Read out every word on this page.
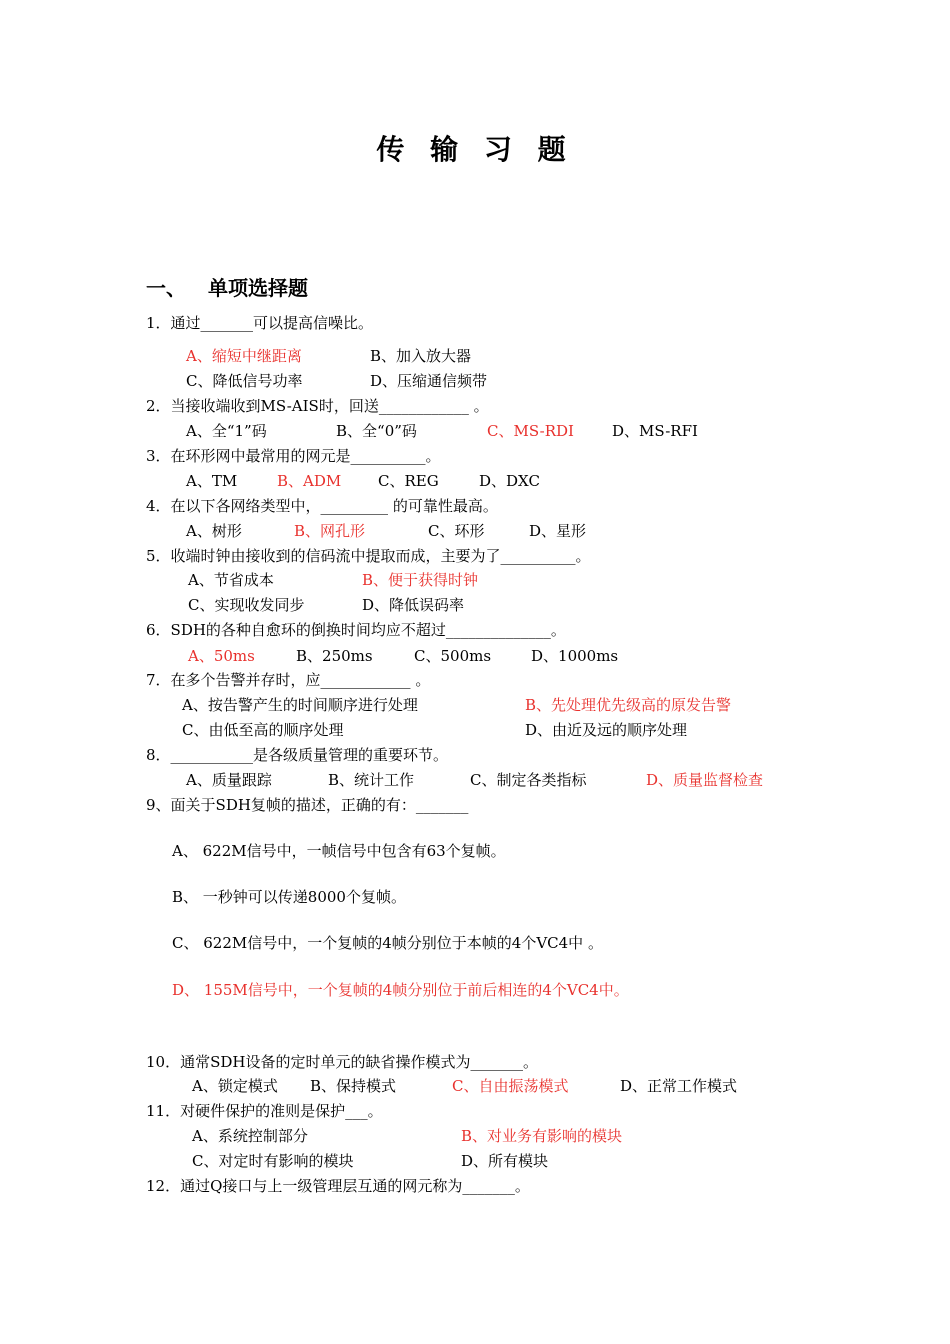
传 输 习 题
一、 单项选择题
1．通过_______可以提高信噪比。
A、缩短中继距离	B、加入放大器
C、降低信号功率	D、压缩通信频带
2．当接收端收到MS-AIS时，回送____________ 。
A、全“1”码	B、全“0”码	C、MS-RDI	D、MS-RFI
3．在环形网中最常用的网元是__________。
A、TM	B、ADM C、REG	D、DXC
4．在以下各网络类型中，_________ 的可靠性最高。
A、树形	B、网孔形	C、环形	D、星形
5．收端时钟由接收到的信码流中提取而成，主要为了__________。
A、节省成本	B、便于获得时钟
C、实现收发同步	D、降低误码率
6．SDH的各种自愈环的倒换时间均应不超过______________。
A、50ms	B、250ms	C、500ms	D、1000ms
7．在多个告警并存时，应____________ 。
A、按告警产生的时间顺序进行处理	B、先处理优先级高的原发告警
C、由低至高的顺序处理	D、由近及远的顺序处理
8．___________是各级质量管理的重要环节。
A、质量跟踪	B、统计工作	C、制定各类指标	D、质量监督检查
9、面关于SDH复帧的描述，正确的有：_______
A、 622M信号中，一帧信号中包含有63个复帧。
B、 一秒钟可以传递8000个复帧。
C、 622M信号中，一个复帧的4帧分别位于本帧的4个VC4中 。
D、 155M信号中，一个复帧的4帧分别位于前后相连的4个VC4中。
10．通常SDH设备的定时单元的缺省操作模式为_______。
A、锁定模式 B、保持模式	C、自由振荡模式	D、正常工作模式
11．对硬件保护的准则是保护___。
A、系统控制部分	B、对业务有影响的模块
C、对定时有影响的模块	D、所有模块
12．通过Q接口与上一级管理层互通的网元称为_______。
